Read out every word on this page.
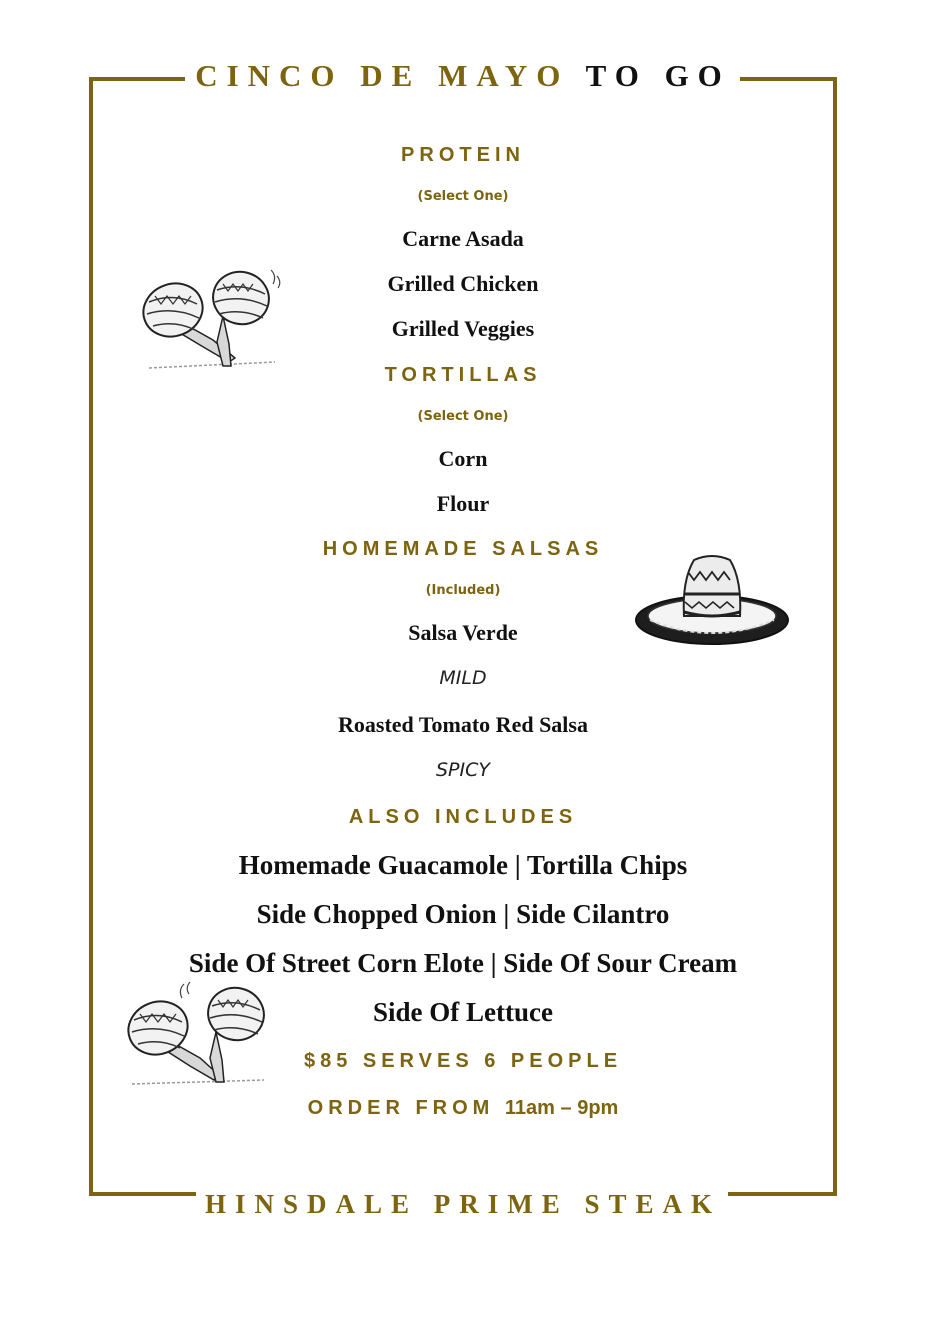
CINCO DE MAYO TO GO
PROTEIN
(Select One)
Carne Asada
Grilled Chicken
Grilled Veggies
TORTILLAS
(Select One)
Corn
Flour
HOMEMADE SALSAS
(Included)
Salsa Verde
MILD
Roasted Tomato Red Salsa
SPICY
ALSO INCLUDES
Homemade Guacamole | Tortilla Chips
Side Chopped Onion | Side Cilantro
Side Of Street Corn Elote | Side Of Sour Cream
Side Of Lettuce
$85 SERVES 6 PEOPLE
ORDER FROM 11am – 9pm
HINSDALE PRIME STEAK
